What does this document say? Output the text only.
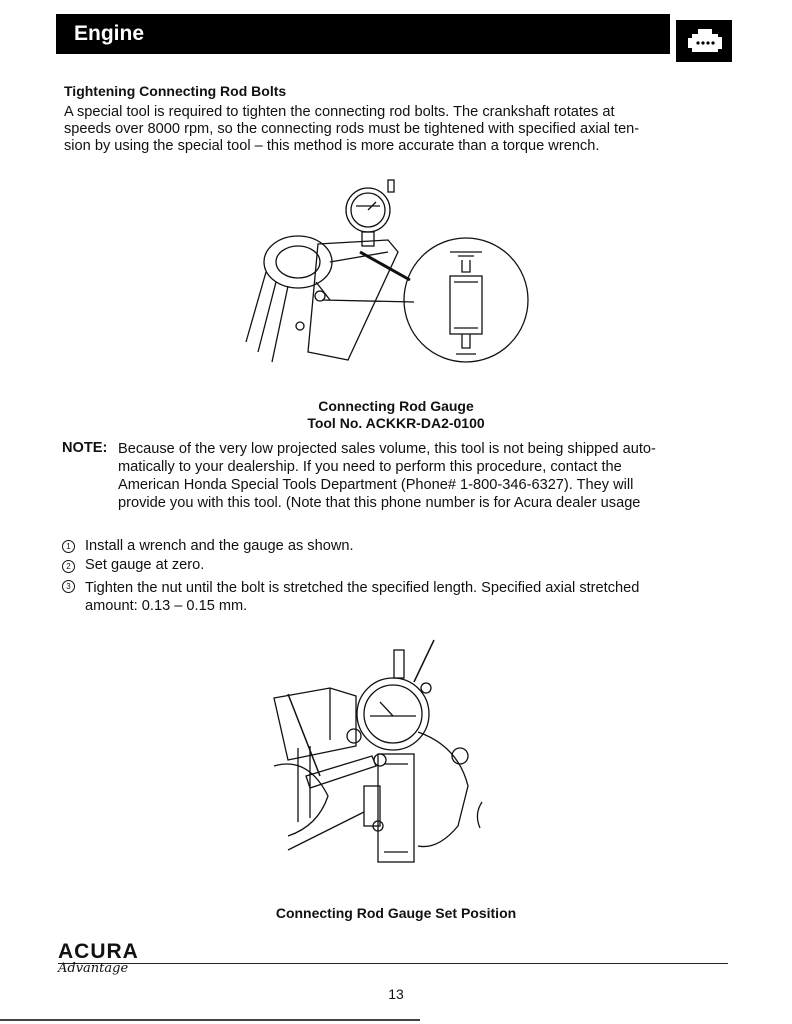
Engine
Tightening Connecting Rod Bolts
A special tool is required to tighten the connecting rod bolts. The crankshaft rotates at
speeds over 8000 rpm, so the connecting rods must be tightened with specified axial ten-
sion by using the special tool – this method is more accurate than a torque wrench.
Connecting Rod Gauge
Tool No. ACKKR-DA2-0100
NOTE: Because of the very low projected sales volume, this tool is not being shipped auto-
matically to your dealership. If you need to perform this procedure, contact the
American Honda Special Tools Department (Phone# 1-800-346-6327). They will
provide you with this tool. (Note that this phone number is for Acura dealer usage
1 Install a wrench and the gauge as shown.
2 Set gauge at zero.
3 Tighten the nut until the bolt is stretched the specified length. Specified axial stretched
amount: 0.13 – 0.15 mm.
Connecting Rod Gauge Set Position
ACURA
Advantage
13
